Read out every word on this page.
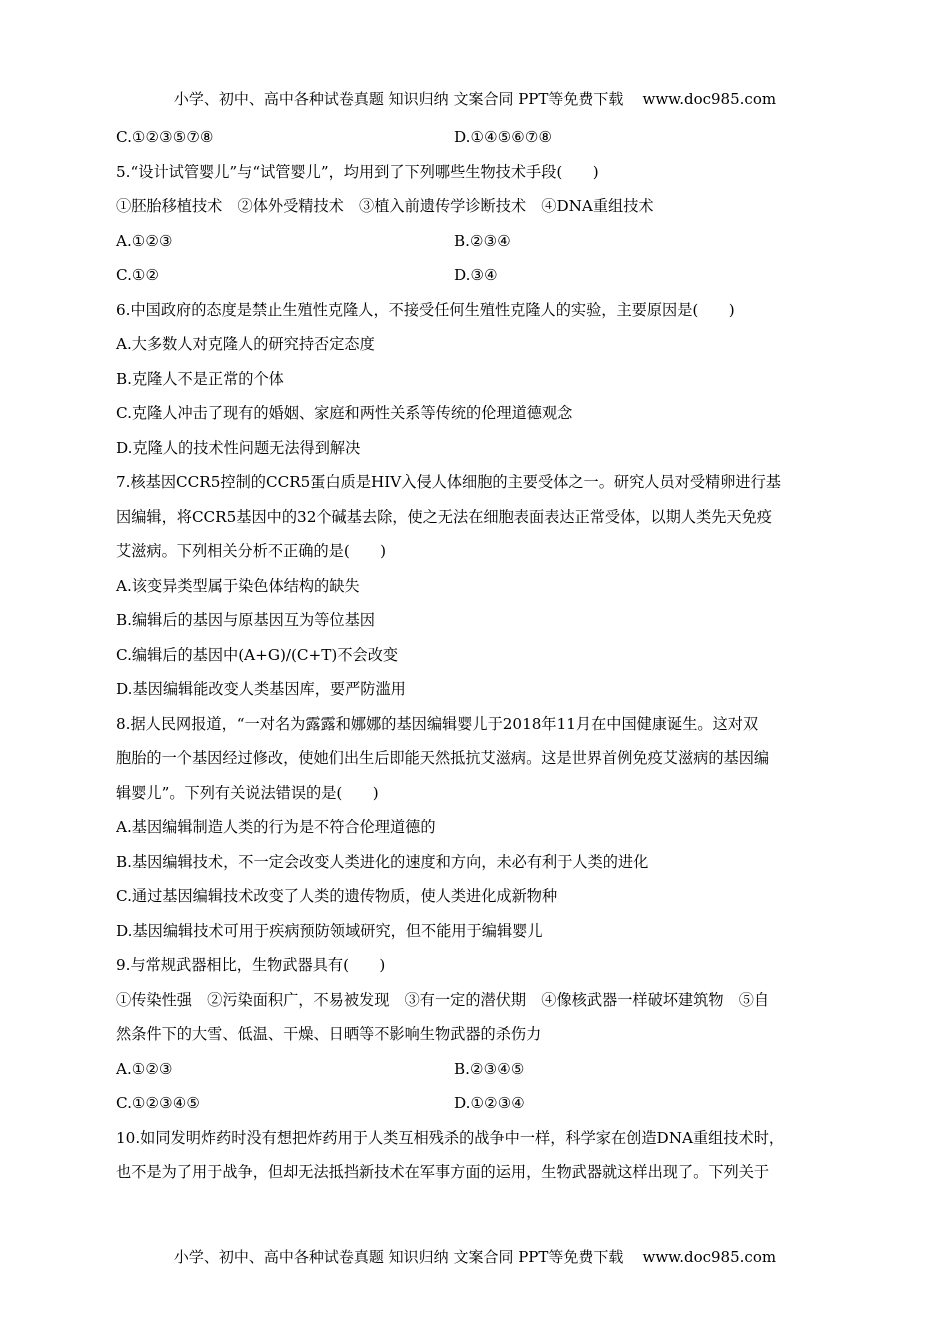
小学、初中、高中各种试卷真题 知识归纳 文案合同 PPT等免费下载    www.doc985.com
C.①②③⑤⑦⑧	D.①④⑤⑥⑦⑧
5.“设计试管婴儿”与“试管婴儿”，均用到了下列哪些生物技术手段(　　)
①胚胎移植技术　②体外受精技术　③植入前遗传学诊断技术　④DNA重组技术
A.①②③	B.②③④
C.①②	D.③④
6.中国政府的态度是禁止生殖性克隆人，不接受任何生殖性克隆人的实验，主要原因是(　　)
A.大多数人对克隆人的研究持否定态度
B.克隆人不是正常的个体
C.克隆人冲击了现有的婚姻、家庭和两性关系等传统的伦理道德观念
D.克隆人的技术性问题无法得到解决
7.核基因CCR5控制的CCR5蛋白质是HIV入侵人体细胞的主要受体之一。研究人员对受精卵进行基
因编辑，将CCR5基因中的32个碱基去除，使之无法在细胞表面表达正常受体，以期人类先天免疫
艾滋病。下列相关分析不正确的是(　　)
A.该变异类型属于染色体结构的缺失
B.编辑后的基因与原基因互为等位基因
C.编辑后的基因中(A+G)/(C+T)不会改变
D.基因编辑能改变人类基因库，要严防滥用
8.据人民网报道，“一对名为露露和娜娜的基因编辑婴儿于2018年11月在中国健康诞生。这对双
胞胎的一个基因经过修改，使她们出生后即能天然抵抗艾滋病。这是世界首例免疫艾滋病的基因编
辑婴儿”。下列有关说法错误的是(　　)
A.基因编辑制造人类的行为是不符合伦理道德的
B.基因编辑技术，不一定会改变人类进化的速度和方向，未必有利于人类的进化
C.通过基因编辑技术改变了人类的遗传物质，使人类进化成新物种
D.基因编辑技术可用于疾病预防领域研究，但不能用于编辑婴儿
9.与常规武器相比，生物武器具有(　　)
①传染性强　②污染面积广，不易被发现　③有一定的潜伏期　④像核武器一样破坏建筑物　⑤自
然条件下的大雪、低温、干燥、日晒等不影响生物武器的杀伤力
A.①②③	B.②③④⑤
C.①②③④⑤	D.①②③④
10.如同发明炸药时没有想把炸药用于人类互相残杀的战争中一样，科学家在创造DNA重组技术时，
也不是为了用于战争，但却无法抵挡新技术在军事方面的运用，生物武器就这样出现了。下列关于
小学、初中、高中各种试卷真题 知识归纳 文案合同 PPT等免费下载    www.doc985.com
